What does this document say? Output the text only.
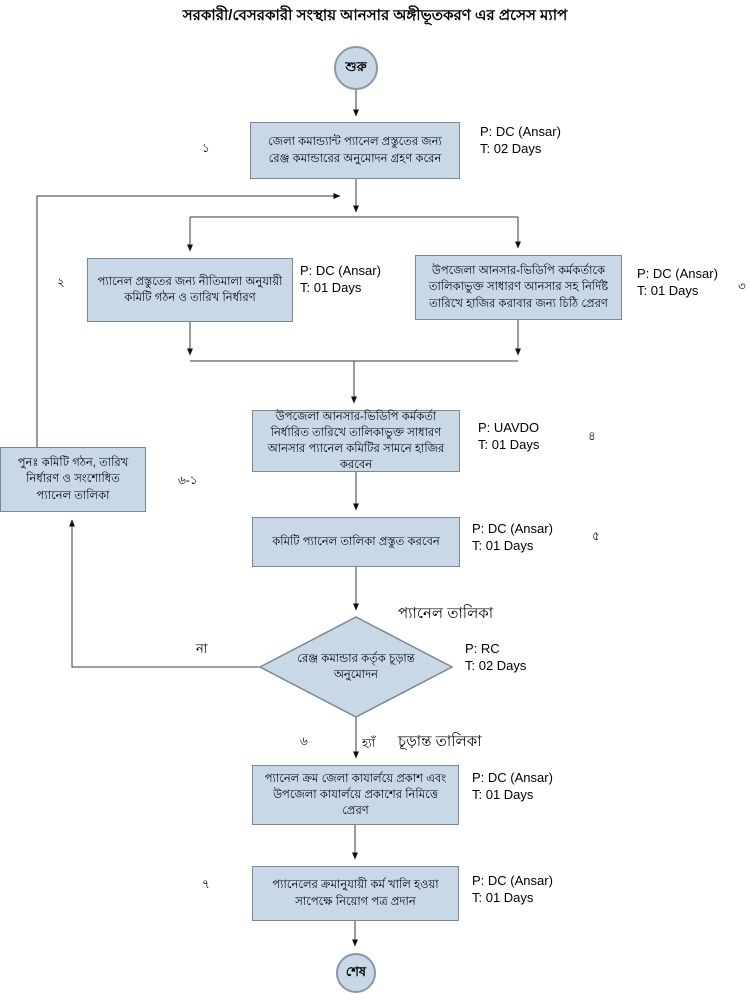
সরকারী/বেসরকারী সংস্থায় আনসার অঙ্গীভূতকরণ এর প্রসেস ম্যাপ
শুরু
শেষ
জেলা কমান্ড্যান্ট প্যানেল প্রস্তুতের জন্য রেঞ্জ কমান্ডারের অনুমোদন গ্রহণ করেন
প্যানেল প্রস্তুতের জন্য নীতিমালা অনুযায়ী কমিটি গঠন ও তারিখ নির্ধারণ
উপজেলা আনসার-ভিডিপি কর্মকর্তাকে তালিকাভুক্ত সাধারণ আনসার সহ নির্দিষ্ট তারিখে হাজির করাবার জন্য চিঠি প্রেরণ
উপজেলা আনসার-ভিডিপি কর্মকর্তা নির্ধারিত তারিখে তালিকাভুক্ত সাধারণ আনসার প্যানেল কমিটির সামনে হাজির করবেন
কমিটি প্যানেল তালিকা প্রস্তুত করবেন
পুনঃ কমিটি গঠন, তারিখ নির্ধারণ ও সংশোধিত প্যানেল তালিকা
প্যানেল ক্রম জেলা কাযার্লয়ে প্রকাশ এবং উপজেলা কাযার্লয়ে প্রকাশের নিমিত্তে প্রেরণ
প্যানেলের ক্রমানুযায়ী কর্ম খালি হওয়া সাপেক্ষে নিয়োগ পত্র প্রদান
রেঞ্জ কমান্ডার কর্তৃক চূড়ান্ত অনুমোদন
P: DC (Ansar)
T: 02 Days
P: DC (Ansar)
T: 01 Days
P: DC (Ansar)
T: 01 Days
P: UAVDO
T: 01 Days
P: DC (Ansar)
T: 01 Days
P: RC
T: 02 Days
P: DC (Ansar)
T: 01 Days
P: DC (Ansar)
T: 01 Days
১
২	৩
৪
৫
৬-১
৬
৭
প্যানেল তালিকা
চূড়ান্ত তালিকা
হ্যাঁ
না
